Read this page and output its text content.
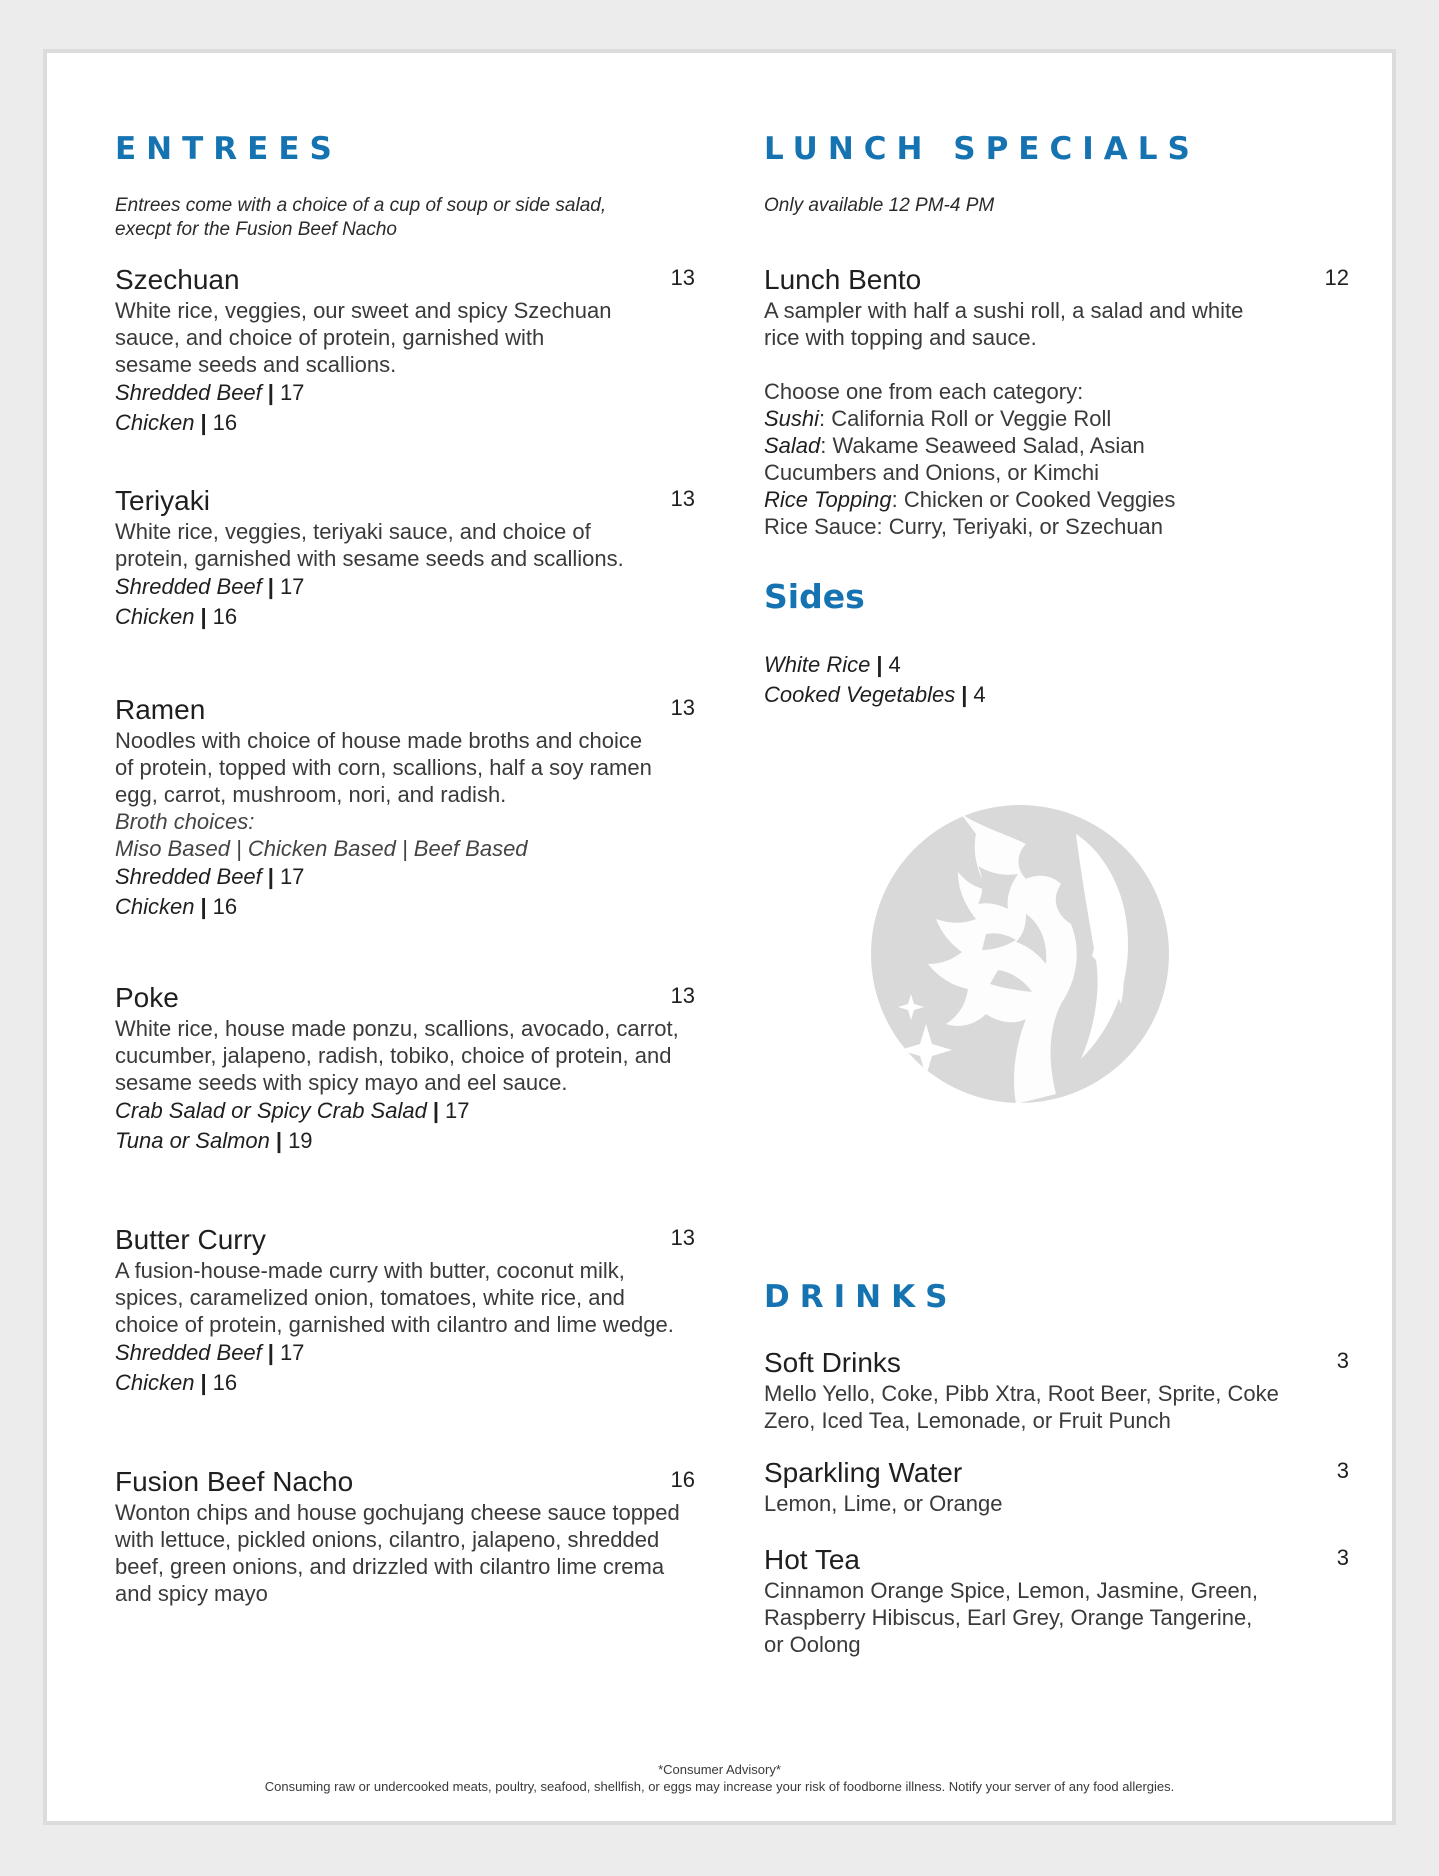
ENTREES

Entrees come with a choice of a cup of soup or side salad, execpt for the Fusion Beef Nacho

Szechuan	13

White rice, veggies, our sweet and spicy Szechuan sauce, and choice of protein, garnished with sesame seeds and scallions.

Shredded Beef | 17
Chicken | 16
Teriyaki	13

White rice, veggies, teriyaki sauce, and choice of protein, garnished with sesame seeds and scallions.

Shredded Beef | 17
Chicken | 16
Ramen	13

Noodles with choice of house made broths and choice of protein, topped with corn, scallions, half a soy ramen egg, carrot, mushroom, nori, and radish.

Broth choices:
Miso Based | Chicken Based | Beef Based
Shredded Beef | 17
Chicken | 16
Poke	13

White rice, house made ponzu, scallions, avocado, carrot, cucumber, jalapeno, radish, tobiko, choice of protein, and sesame seeds with spicy mayo and eel sauce.

Crab Salad or Spicy Crab Salad | 17
Tuna or Salmon | 19
Butter Curry	13

A fusion-house-made curry with butter, coconut milk, spices, caramelized onion, tomatoes, white rice, and choice of protein, garnished with cilantro and lime wedge.

Shredded Beef | 17
Chicken | 16
Fusion Beef Nacho	16

Wonton chips and house gochujang cheese sauce topped with lettuce, pickled onions, cilantro, jalapeno, shredded beef, green onions, and drizzled with cilantro lime crema and spicy mayo

LUNCH SPECIALS

Only available 12 PM-4 PM

Lunch Bento	12

A sampler with half a sushi roll, a salad and white rice with topping and sauce.

Choose one from each category:
Sushi: California Roll or Veggie Roll
Salad: Wakame Seaweed Salad, Asian Cucumbers and Onions, or Kimchi
Rice Topping: Chicken or Cooked Veggies
Rice Sauce: Curry, Teriyaki, or Szechuan
Sides
White Rice | 4
Cooked Vegetables | 4
DRINKS
Soft Drinks	3

Mello Yello, Coke, Pibb Xtra, Root Beer, Sprite, Coke Zero, Iced Tea, Lemonade, or Fruit Punch

Sparkling Water	3

Lemon, Lime, or Orange

Hot Tea	3

Cinnamon Orange Spice, Lemon, Jasmine, Green, Raspberry Hibiscus, Earl Grey, Orange Tangerine, or Oolong

*Consumer Advisory*
Consuming raw or undercooked meats, poultry, seafood, shellfish, or eggs may increase your risk of foodborne illness. Notify your server of any food allergies.
